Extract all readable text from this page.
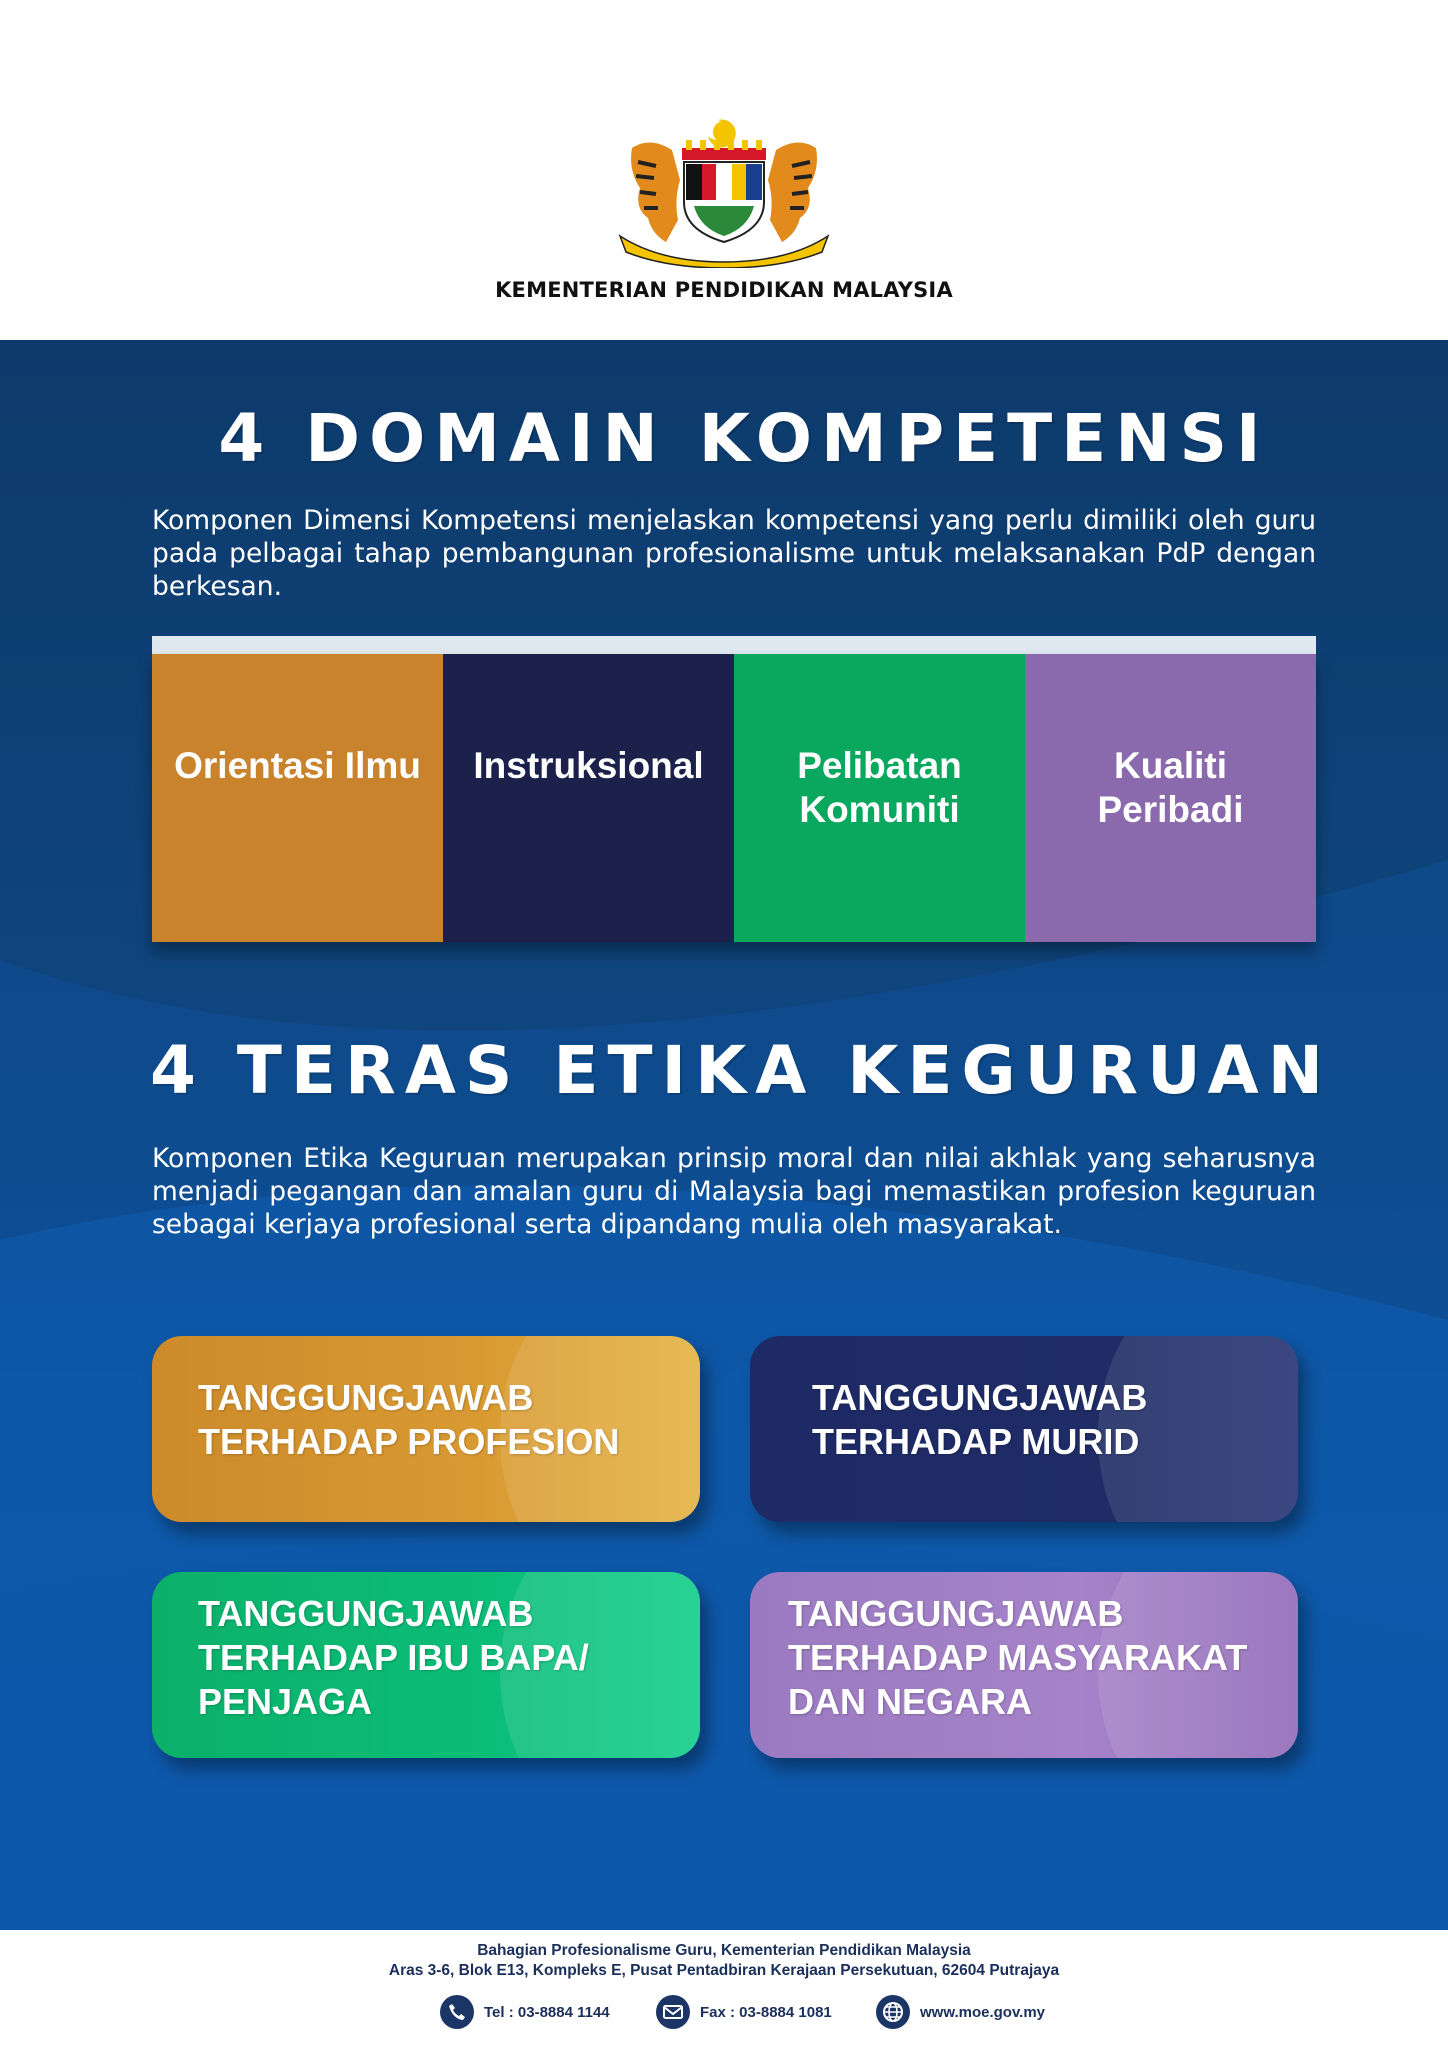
KEMENTERIAN PENDIDIKAN MALAYSIA
4 DOMAIN KOMPETENSI

Komponen Dimensi Kompetensi menjelaskan kompetensi yang perlu dimiliki oleh guru pada pelbagai tahap pembangunan profesionalisme untuk melaksanakan PdP dengan berkesan.

Orientasi Ilmu Instruksional	Pelibatan Komuniti
Kualiti Peribadi
4 TERAS ETIKA KEGURUAN

Komponen Etika Keguruan merupakan prinsip moral dan nilai akhlak yang seharusnya menjadi pegangan dan amalan guru di Malaysia bagi memastikan profesion keguruan sebagai kerjaya profesional serta dipandang mulia oleh masyarakat.

TANGGUNGJAWAB
TERHADAP PROFESION
TANGGUNGJAWAB
TERHADAP MURID
TANGGUNGJAWAB
TERHADAP IBU BAPA/
PENJAGA
TANGGUNGJAWAB
TERHADAP MASYARAKAT
DAN NEGARA
Bahagian Profesionalisme Guru, Kementerian Pendidikan Malaysia
Aras 3-6, Blok E13, Kompleks E, Pusat Pentadbiran Kerajaan Persekutuan, 62604 Putrajaya
Tel : 03-8884 1144	Fax : 03-8884 1081	www.moe.gov.my
